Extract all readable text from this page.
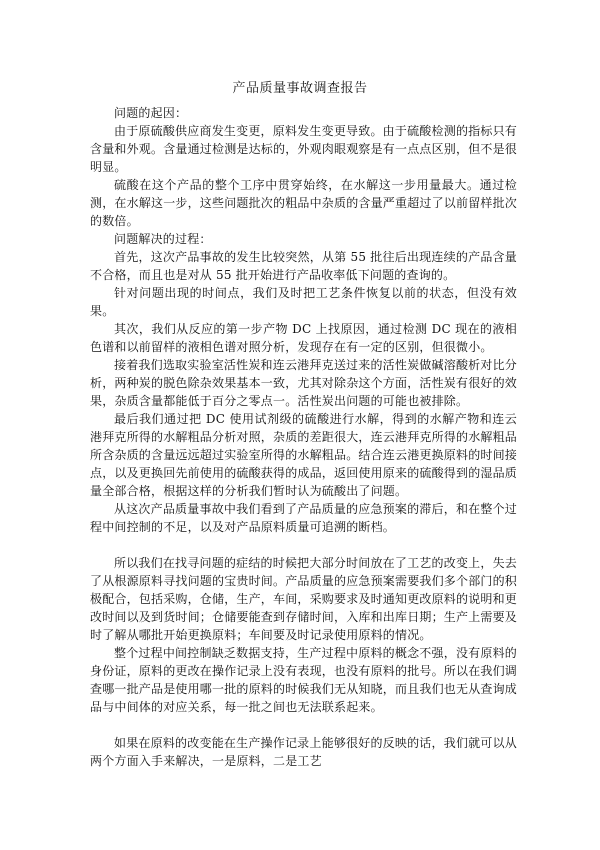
产品质量事故调查报告

问题的起因：

由于原硫酸供应商发生变更，原料发生变更导致。由于硫酸检测的指标只有含量和外观。含量通过检测是达标的，外观肉眼观察是有一点点区别，但不是很明显。

硫酸在这个产品的整个工序中贯穿始终，在水解这一步用量最大。通过检测，在水解这一步，这些问题批次的粗品中杂质的含量严重超过了以前留样批次的数倍。

问题解决的过程：

首先，这次产品事故的发生比较突然，从第 55 批往后出现连续的产品含量不合格，而且也是对从 55 批开始进行产品收率低下问题的查询的。

针对问题出现的时间点，我们及时把工艺条件恢复以前的状态，但没有效果。

其次，我们从反应的第一步产物 DC 上找原因，通过检测 DC 现在的液相色谱和以前留样的液相色谱对照分析，发现存在有一定的区别，但很微小。

接着我们选取实验室活性炭和连云港拜克送过来的活性炭做碱溶酸析对比分析，两种炭的脱色除杂效果基本一致，尤其对除杂这个方面，活性炭有很好的效果，杂质含量都能低于百分之零点一。活性炭出问题的可能也被排除。

最后我们通过把 DC 使用试剂级的硫酸进行水解，得到的水解产物和连云港拜克所得的水解粗品分析对照，杂质的差距很大，连云港拜克所得的水解粗品所含杂质的含量远远超过实验室所得的水解粗品。结合连云港更换原料的时间接点，以及更换回先前使用的硫酸获得的成品，返回使用原来的硫酸得到的湿品质量全部合格，根据这样的分析我们暂时认为硫酸出了问题。

从这次产品质量事故中我们看到了产品质量的应急预案的滞后，和在整个过程中间控制的不足，以及对产品原料质量可追溯的断档。

所以我们在找寻问题的症结的时候把大部分时间放在了工艺的改变上，失去了从根源原料寻找问题的宝贵时间。产品质量的应急预案需要我们多个部门的积极配合，包括采购，仓储，生产，车间，采购要求及时通知更改原料的说明和更改时间以及到货时间；仓储要能查到存储时间，入库和出库日期；生产上需要及时了解从哪批开始更换原料；车间要及时记录使用原料的情况。

整个过程中间控制缺乏数据支持，生产过程中原料的概念不强，没有原料的身份证，原料的更改在操作记录上没有表现，也没有原料的批号。所以在我们调查哪一批产品是使用哪一批的原料的时候我们无从知晓，而且我们也无从查询成品与中间体的对应关系，每一批之间也无法联系起来。

如果在原料的改变能在生产操作记录上能够很好的反映的话，我们就可以从两个方面入手来解决，一是原料，二是工艺
